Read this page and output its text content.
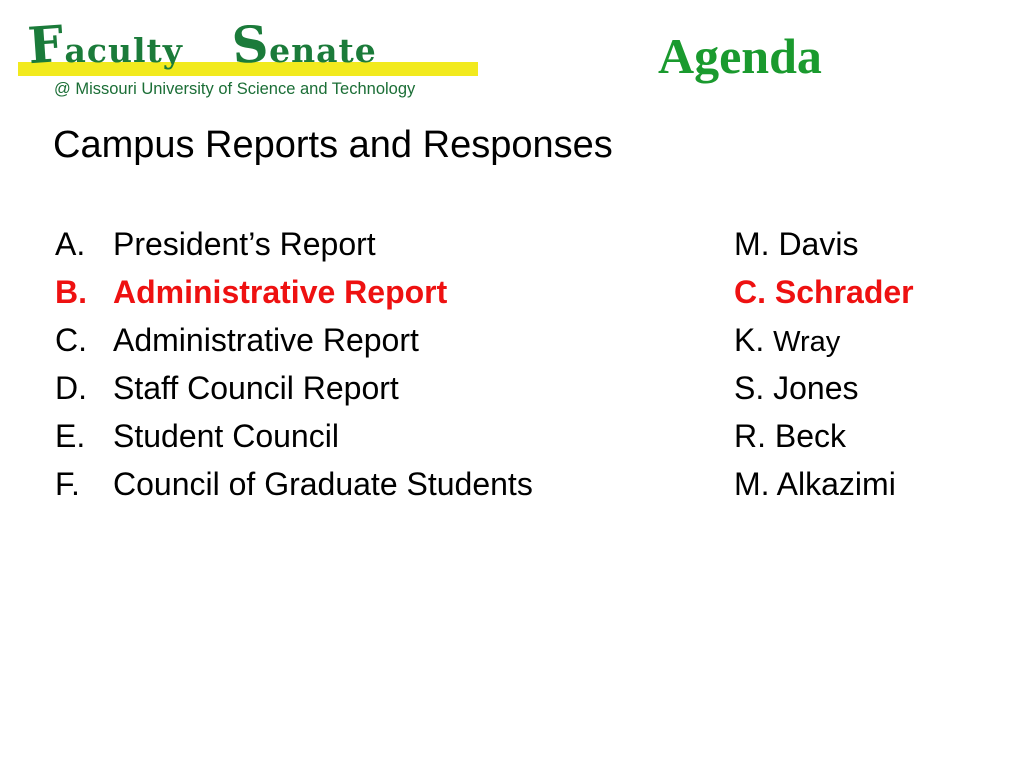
Faculty Senate
@ Missouri University of Science and Technology
Agenda
Campus Reports and Responses
A. President’s Report	M. Davis
B. Administrative Report	C. Schrader
C. Administrative Report	K. Wray
D. Staff Council Report	S. Jones
E. Student Council	R. Beck
F. Council of Graduate Students	M. Alkazimi
